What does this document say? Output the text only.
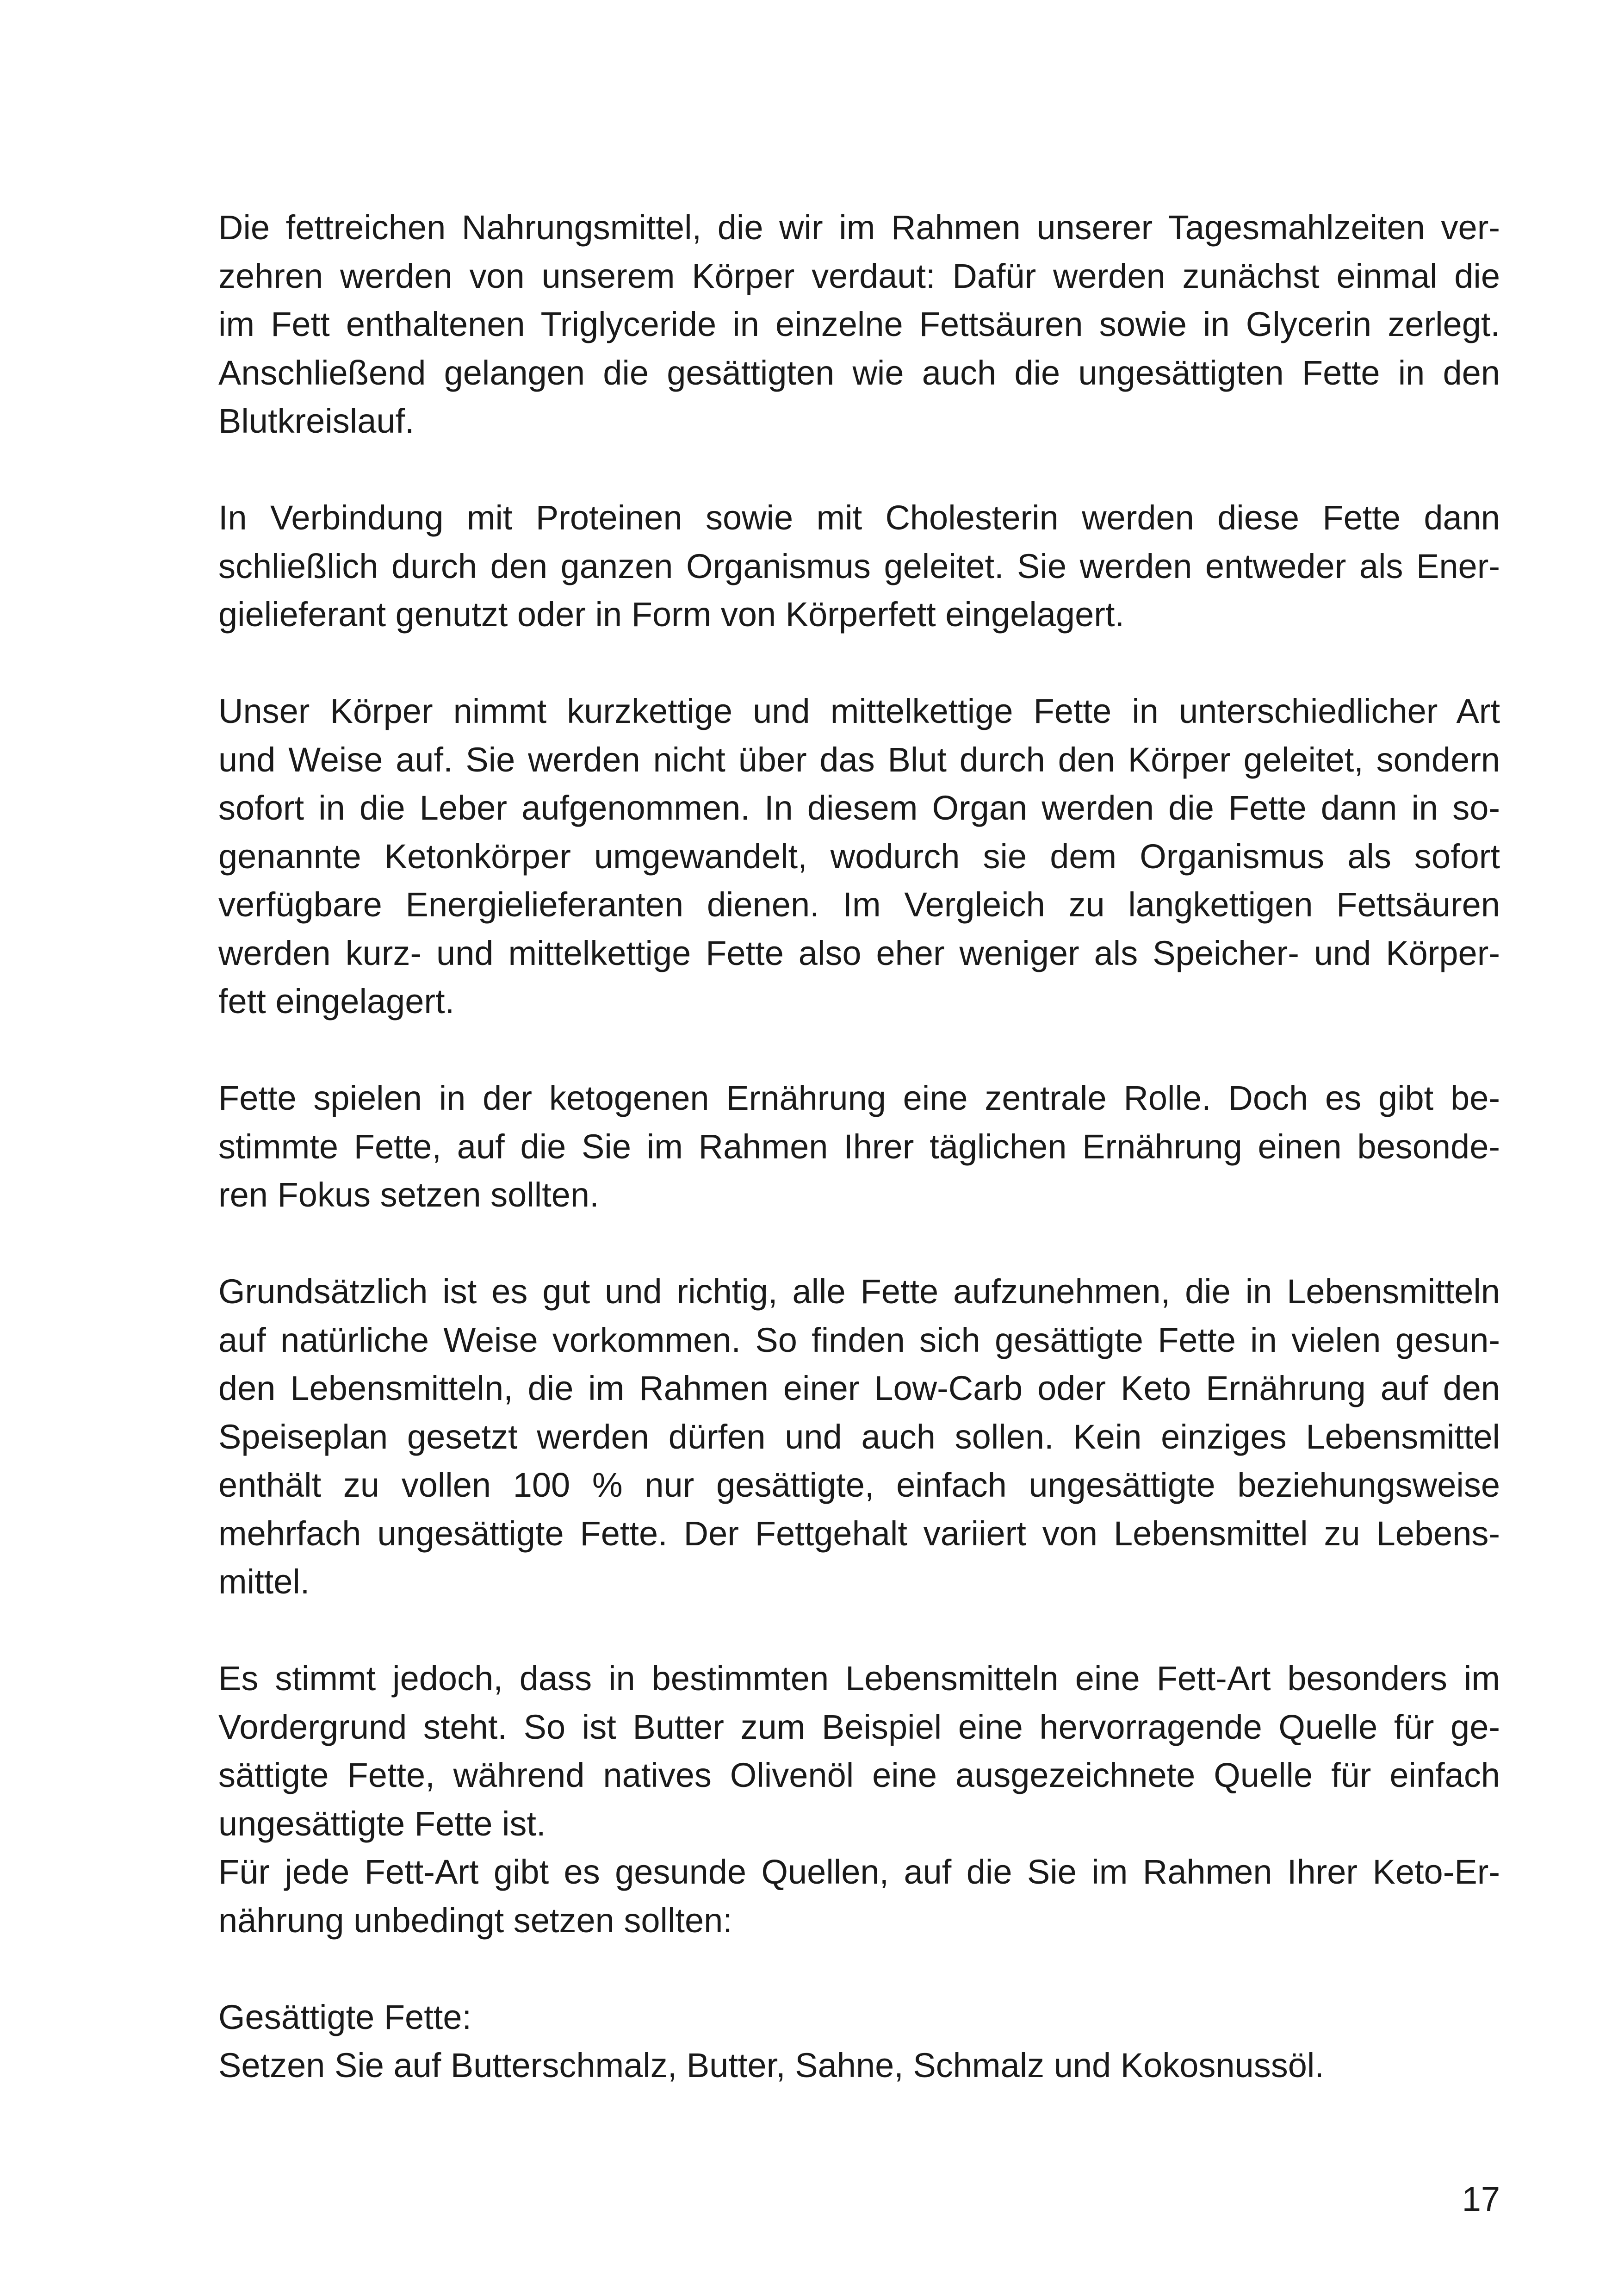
Die fettreichen Nahrungsmittel, die wir im Rahmen unserer Tagesmahlzeiten ver-
zehren werden von unserem Körper verdaut: Dafür werden zunächst einmal die
im Fett enthaltenen Triglyceride in einzelne Fettsäuren sowie in Glycerin zerlegt.
Anschließend gelangen die gesättigten wie auch die ungesättigten Fette in den
Blutkreislauf.
In Verbindung mit Proteinen sowie mit Cholesterin werden diese Fette dann
schließlich durch den ganzen Organismus geleitet. Sie werden entweder als Ener-
gielieferant genutzt oder in Form von Körperfett eingelagert.
Unser Körper nimmt kurzkettige und mittelkettige Fette in unterschiedlicher Art
und Weise auf. Sie werden nicht über das Blut durch den Körper geleitet, sondern
sofort in die Leber aufgenommen. In diesem Organ werden die Fette dann in so-
genannte Ketonkörper umgewandelt, wodurch sie dem Organismus als sofort
verfügbare Energielieferanten dienen. Im Vergleich zu langkettigen Fettsäuren
werden kurz- und mittelkettige Fette also eher weniger als Speicher- und Körper-
fett eingelagert.
Fette spielen in der ketogenen Ernährung eine zentrale Rolle. Doch es gibt be-
stimmte Fette, auf die Sie im Rahmen Ihrer täglichen Ernährung einen besonde-
ren Fokus setzen sollten.
Grundsätzlich ist es gut und richtig, alle Fette aufzunehmen, die in Lebensmitteln
auf natürliche Weise vorkommen. So finden sich gesättigte Fette in vielen gesun-
den Lebensmitteln, die im Rahmen einer Low-Carb oder Keto Ernährung auf den
Speiseplan gesetzt werden dürfen und auch sollen. Kein einziges Lebensmittel
enthält zu vollen 100 % nur gesättigte, einfach ungesättigte beziehungsweise
mehrfach ungesättigte Fette. Der Fettgehalt variiert von Lebensmittel zu Lebens-
mittel.
Es stimmt jedoch, dass in bestimmten Lebensmitteln eine Fett-Art besonders im
Vordergrund steht. So ist Butter zum Beispiel eine hervorragende Quelle für ge-
sättigte Fette, während natives Olivenöl eine ausgezeichnete Quelle für einfach
ungesättigte Fette ist.
Für jede Fett-Art gibt es gesunde Quellen, auf die Sie im Rahmen Ihrer Keto-Er-
nährung unbedingt setzen sollten:
Gesättigte Fette:
Setzen Sie auf Butterschmalz, Butter, Sahne, Schmalz und Kokosnussöl.
17
